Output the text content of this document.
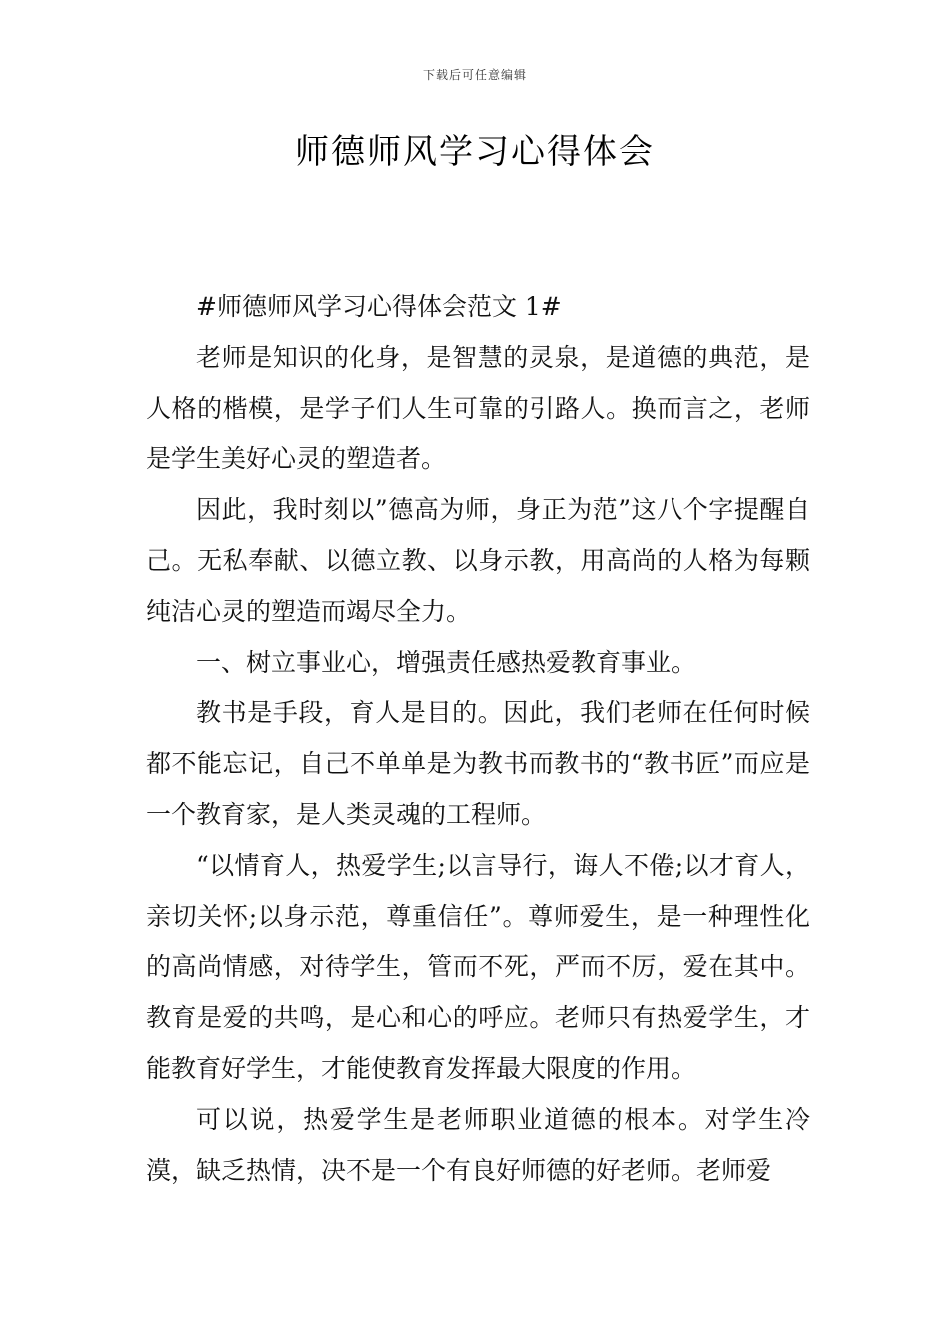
下载后可任意编辑
师德师风学习心得体会

#师德师风学习心得体会范文 1#

老师是知识的化身，是智慧的灵泉，是道德的典范，是人格的楷模，是学子们人生可靠的引路人。换而言之，老师是学生美好心灵的塑造者。

因此，我时刻以”德高为师，身正为范”这八个字提醒自己。无私奉献、以德立教、以身示教，用高尚的人格为每颗纯洁心灵的塑造而竭尽全力。

一、树立事业心，增强责任感热爱教育事业。

教书是手段，育人是目的。因此，我们老师在任何时候都不能忘记，自己不单单是为教书而教书的“教书匠”而应是一个教育家，是人类灵魂的工程师。

“以情育人，热爱学生;以言导行，诲人不倦;以才育人，亲切关怀;以身示范，尊重信任”。尊师爱生，是一种理性化的高尚情感，对待学生，管而不死，严而不厉，爱在其中。教育是爱的共鸣，是心和心的呼应。老师只有热爱学生，才能教育好学生，才能使教育发挥最大限度的作用。

可以说，热爱学生是老师职业道德的根本。对学生冷漠，缺乏热情，决不是一个有良好师德的好老师。老师爱
